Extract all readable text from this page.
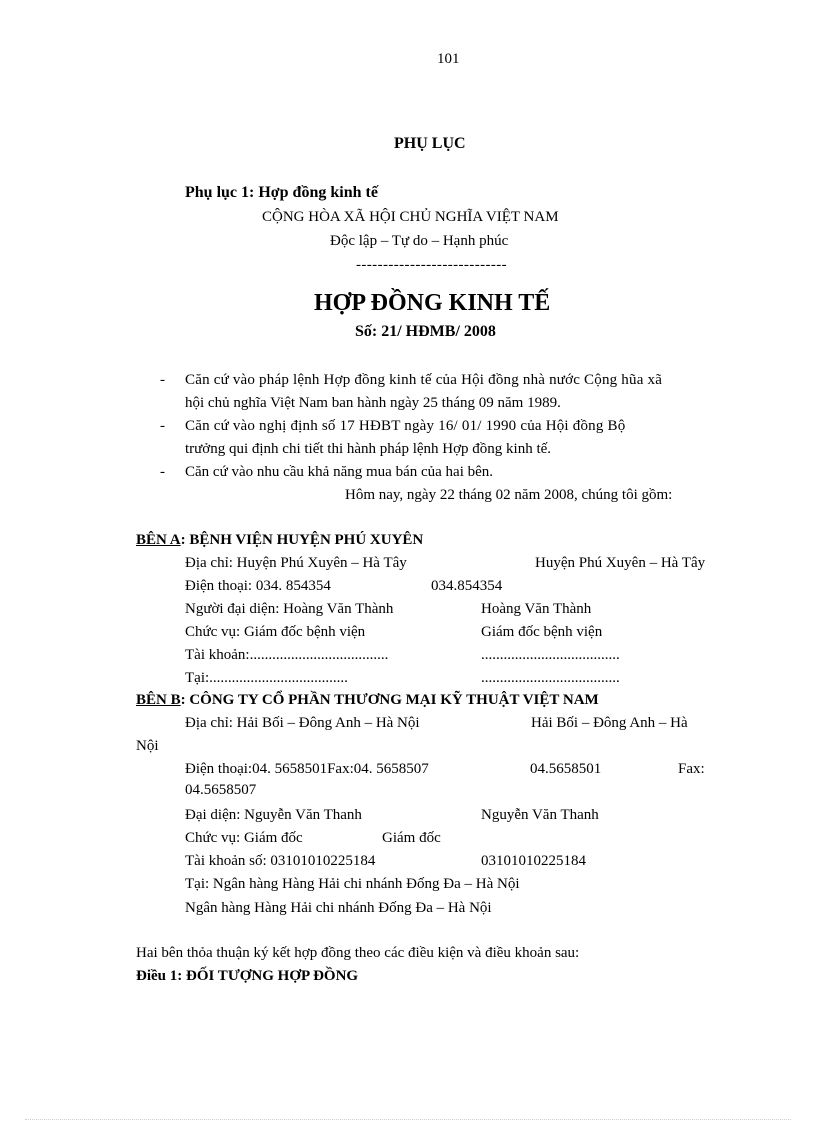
101
PHỤ LỤC
Phụ lục 1: Hợp đồng kinh tế
CỘNG HÒA XÃ HỘI CHỦ NGHĨA VIỆT NAM
Độc lập – Tự do – Hạnh phúc
----------------------------
HỢP ĐỒNG KINH TẾ
Số: 21/ HĐMB/ 2008
- Căn cứ vào pháp lệnh Hợp đồng kinh tế của Hội đồng nhà nước Cộng hũa xã
hội chủ nghĩa Việt Nam ban hành ngày 25 tháng 09 năm 1989.
- Căn cứ vào nghị định số 17 HĐBT ngày 16/ 01/ 1990 của Hội đồng Bộ
trưởng qui định chi tiết thi hành pháp lệnh Hợp đồng kinh tế.
- Căn cứ vào nhu cầu khả năng mua bán của hai bên.
Hôm nay, ngày 22 tháng 02 năm 2008, chúng tôi gồm:
BÊN A: BỆNH VIỆN HUYỆN PHÚ XUYÊN
Địa chỉ: Huyện Phú Xuyên – Hà Tây	Huyện Phú Xuyên – Hà Tây
Điện thoại: 034. 854354	034.854354
Người đại diện: Hoàng Văn Thành	Hoàng Văn Thành
Chức vụ: Giám đốc bệnh viện	Giám đốc bệnh viện
Tài khoản:.....................................	.....................................
Tại:.....................................	.....................................
BÊN B: CÔNG TY CỔ PHẦN THƯƠNG MẠI KỸ THUẬT VIỆT NAM
Địa chỉ: Hải Bối – Đông Anh – Hà Nội	Hải Bối – Đông Anh – Hà
Nội
Điện thoại:04. 5658501Fax:04. 5658507	04.5658501	Fax:
04.5658507
Đại diện: Nguyễn Văn Thanh	Nguyễn Văn Thanh
Chức vụ: Giám đốc	Giám đốc
Tài khoản số: 03101010225184	03101010225184
Tại: Ngân hàng Hàng Hải chi nhánh Đống Đa – Hà Nội
Ngân hàng Hàng Hải chi nhánh Đống Đa – Hà Nội
Hai bên thỏa thuận ký kết hợp đồng theo các điều kiện và điều khoản sau:
Điều 1: ĐỐI TƯỢNG HỢP ĐỒNG
